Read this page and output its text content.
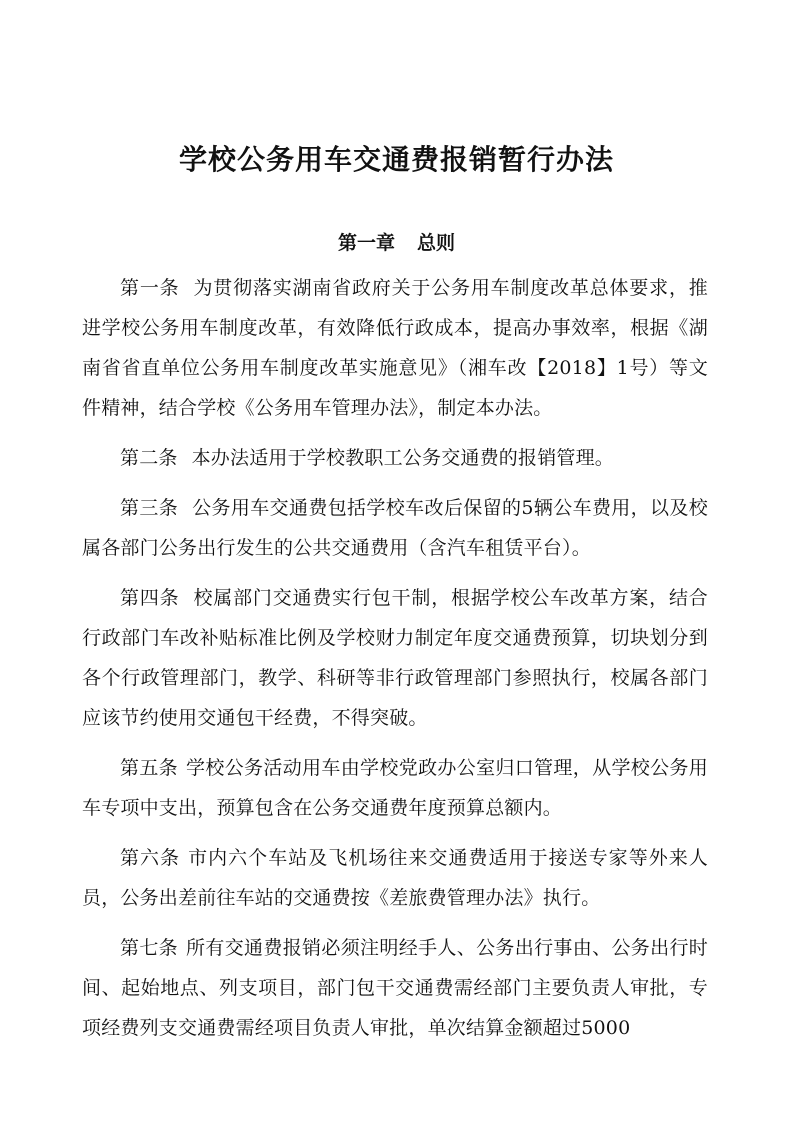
学校公务用车交通费报销暂行办法
第一章 总则

第一条 为贯彻落实湖南省政府关于公务用车制度改革总体要求，推进学校公务用车制度改革，有效降低行政成本，提高办事效率，根据《湖南省省直单位公务用车制度改革实施意见》（湘车改【2018】1号）等文件精神，结合学校《公务用车管理办法》，制定本办法。

第二条 本办法适用于学校教职工公务交通费的报销管理。

第三条 公务用车交通费包括学校车改后保留的5辆公车费用，以及校属各部门公务出行发生的公共交通费用（含汽车租赁平台）。

第四条 校属部门交通费实行包干制，根据学校公车改革方案，结合行政部门车改补贴标准比例及学校财力制定年度交通费预算，切块划分到各个行政管理部门，教学、科研等非行政管理部门参照执行，校属各部门应该节约使用交通包干经费，不得突破。

第五条 学校公务活动用车由学校党政办公室归口管理，从学校公务用车专项中支出，预算包含在公务交通费年度预算总额内。

第六条 市内六个车站及飞机场往来交通费适用于接送专家等外来人员，公务出差前往车站的交通费按《差旅费管理办法》执行。

第七条 所有交通费报销必须注明经手人、公务出行事由、公务出行时间、起始地点、列支项目，部门包干交通费需经部门主要负责人审批，专项经费列支交通费需经项目负责人审批，单次结算金额超过5000
